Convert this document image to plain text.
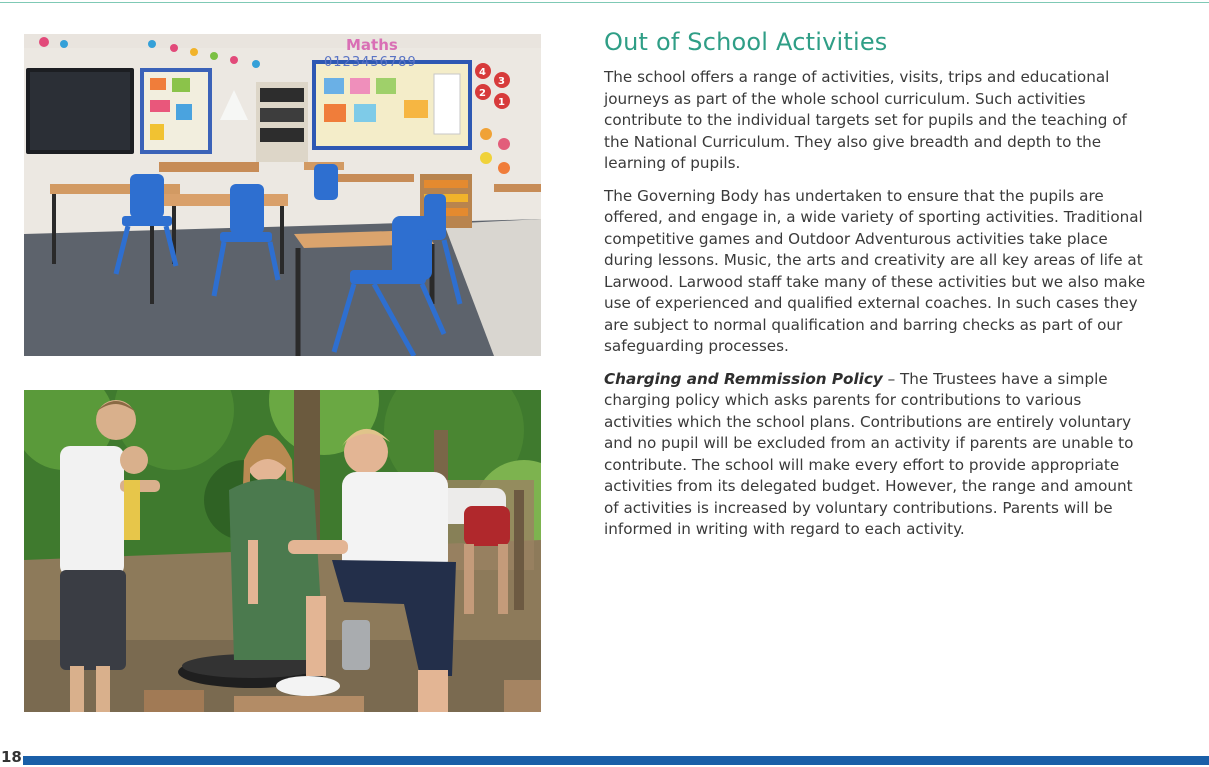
Maths
0123456789
4
3
2
1
Out of School Activities

The school offers a range of activities, visits, trips and educational journeys as part of the whole school curriculum. Such activities contribute to the individual targets set for pupils and the teaching of the National Curriculum. They also give breadth and depth to the learning of pupils.

The Governing Body has undertaken to ensure that the pupils are offered, and engage in, a wide variety of sporting activities. Traditional competitive games and Outdoor Adventurous activities take place during lessons. Music, the arts and creativity are all key areas of life at Larwood. Larwood staff take many of these activities but we also make use of experienced and qualified external coaches. In such cases they are subject to normal qualification and barring checks as part of our safeguarding processes.

Charging and Remmission Policy – The Trustees have a simple charging policy which asks parents for contributions to various activities which the school plans. Contributions are entirely voluntary and no pupil will be excluded from an activity if parents are unable to contribute. The school will make every effort to provide appropriate activities from its delegated budget. However, the range and amount of activities is increased by voluntary contributions. Parents will be informed in writing with regard to each activity.

18
